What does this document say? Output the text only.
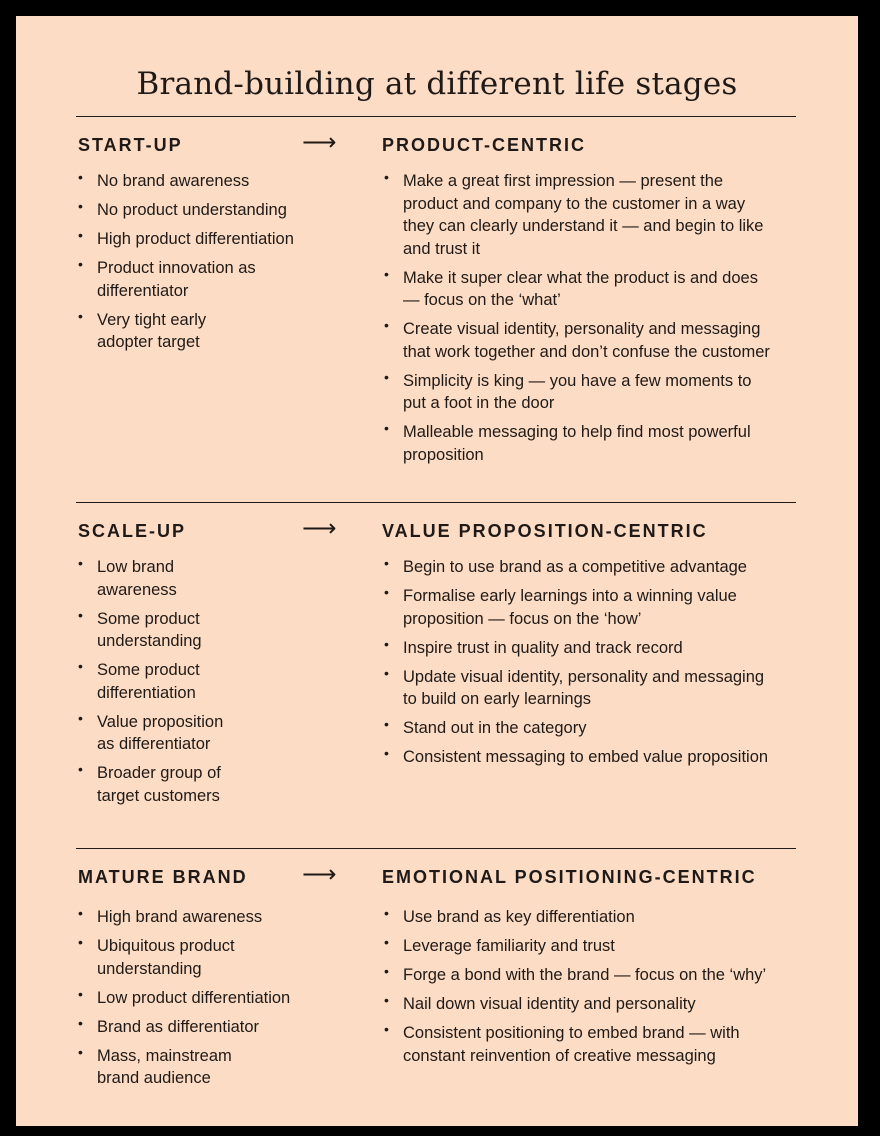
Brand-building at different life stages
START-UP	⟶	PRODUCT-CENTRIC
• No brand awareness
• No product understanding
• High product differentiation
• Product innovation as
differentiator
• Very tight early
adopter target
• Make a great first impression — present the
product and company to the customer in a way
they can clearly understand it — and begin to like
and trust it
• Make it super clear what the product is and does
— focus on the ‘what’
• Create visual identity, personality and messaging
that work together and don’t confuse the customer
• Simplicity is king — you have a few moments to
put a foot in the door
• Malleable messaging to help find most powerful
proposition
SCALE-UP	⟶	VALUE PROPOSITION-CENTRIC
• Low brand
awareness
• Some product
understanding
• Some product
differentiation
• Value proposition
as differentiator
• Broader group of
target customers
• Begin to use brand as a competitive advantage
• Formalise early learnings into a winning value
proposition — focus on the ‘how’
• Inspire trust in quality and track record
• Update visual identity, personality and messaging
to build on early learnings
• Stand out in the category
• Consistent messaging to embed value proposition
MATURE BRAND ⟶	EMOTIONAL POSITIONING-CENTRIC
• High brand awareness
• Ubiquitous product
understanding
• Low product differentiation
• Brand as differentiator
• Mass, mainstream
brand audience
• Use brand as key differentiation
• Leverage familiarity and trust
• Forge a bond with the brand — focus on the ‘why’
• Nail down visual identity and personality
• Consistent positioning to embed brand — with
constant reinvention of creative messaging
